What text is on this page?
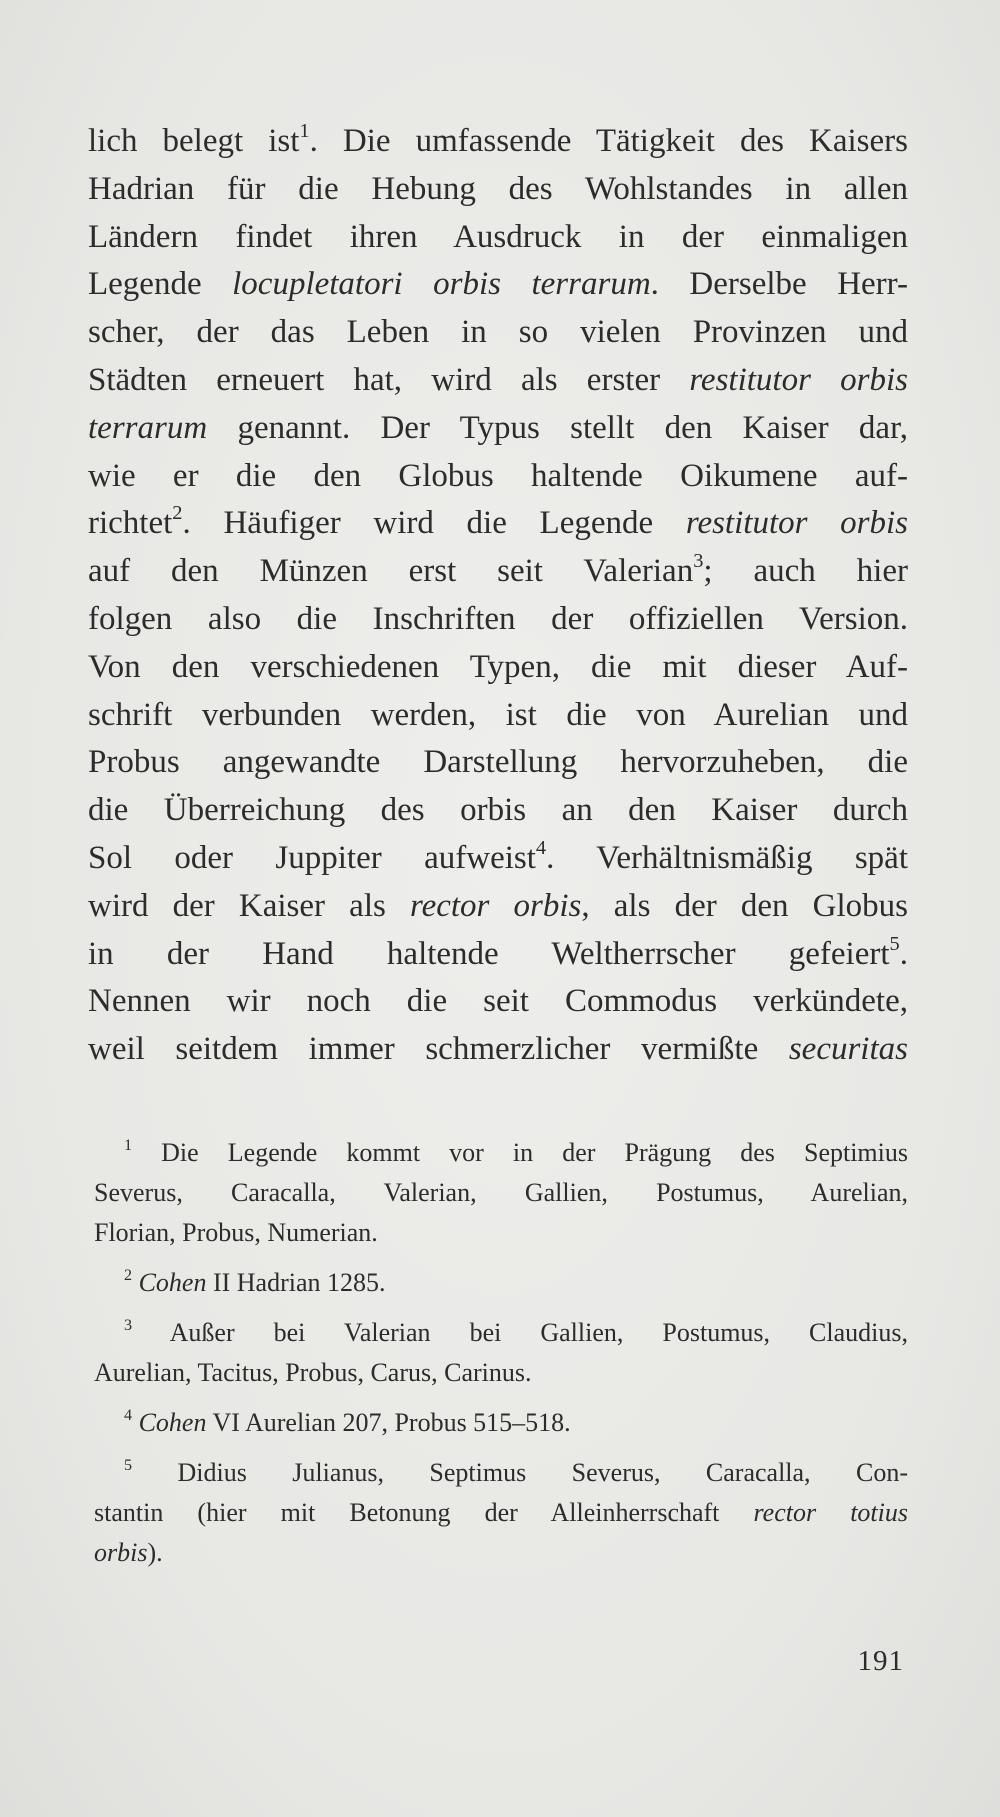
lich belegt ist$^1$. Die umfassende Tätigkeit des Kaisers
Hadrian für die Hebung des Wohlstandes in allen
Ländern findet ihren Ausdruck in der einmaligen
Legende locupletatori orbis terrarum. Derselbe Herr-
scher, der das Leben in so vielen Provinzen und
Städten erneuert hat, wird als erster restitutor orbis
terrarum genannt. Der Typus stellt den Kaiser dar,
wie er die den Globus haltende Oikumene auf-
richtet$^2$. Häufiger wird die Legende restitutor orbis
auf den Münzen erst seit Valerian$^3$; auch hier
folgen also die Inschriften der offiziellen Version.
Von den verschiedenen Typen, die mit dieser Auf-
schrift verbunden werden, ist die von Aurelian und
Probus angewandte Darstellung hervorzuheben, die
die Überreichung des orbis an den Kaiser durch
Sol oder Juppiter aufweist$^4$. Verhältnismäßig spät
wird der Kaiser als rector orbis, als der den Globus
in der Hand haltende Weltherrscher gefeiert$^5$.
Nennen wir noch die seit Commodus verkündete,
weil seitdem immer schmerzlicher vermißte securitas
$^1$ Die Legende kommt vor in der Prägung des Septimius
Severus, Caracalla, Valerian, Gallien, Postumus, Aurelian,
Florian, Probus, Numerian.
$^2$ Cohen II Hadrian 1285.
$^3$ Außer bei Valerian bei Gallien, Postumus, Claudius,
Aurelian, Tacitus, Probus, Carus, Carinus.
$^4$ Cohen VI Aurelian 207, Probus 515–518.
$^5$ Didius Julianus, Septimus Severus, Caracalla, Con-
stantin (hier mit Betonung der Alleinherrschaft rector totius
orbis).
191
